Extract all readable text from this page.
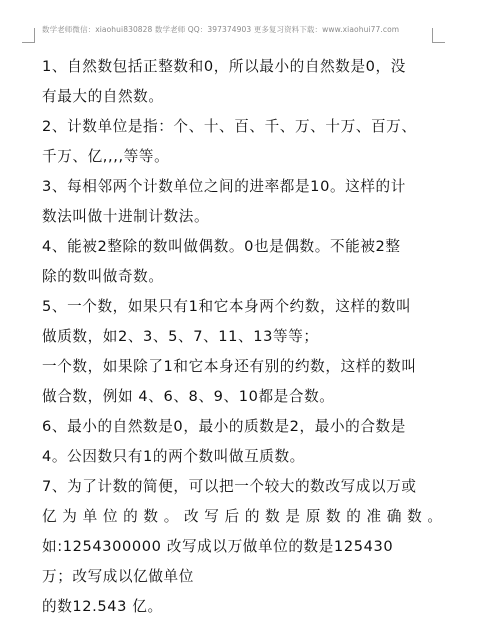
数学老师微信：xiaohui830828 数学老师 QQ：397374903 更多复习资料下载：www.xiaohui77.com
1、自然数包括正整数和0，所以最小的自然数是0，没
有最大的自然数。
2、计数单位是指：个、十、百、千、万、十万、百万、
千万、亿,,,,等等。
3、每相邻两个计数单位之间的进率都是10。这样的计
数法叫做十进制计数法。
4、能被2整除的数叫做偶数。0也是偶数。不能被2整
除的数叫做奇数。
5、一个数，如果只有1和它本身两个约数，这样的数叫
做质数，如2、3、5、7、11、13等等；
一个数，如果除了1和它本身还有别的约数，这样的数叫
做合数，例如 4、6、8、9、10都是合数。
6、最小的自然数是0，最小的质数是2，最小的合数是
4。公因数只有1的两个数叫做互质数。
7、为了计数的简便，可以把一个较大的数改写成以万或
亿为单位的数。改写后的数是原数的准确数。
如:1254300000 改写成以万做单位的数是125430
万；改写成以亿做单位
的数12.543 亿。
